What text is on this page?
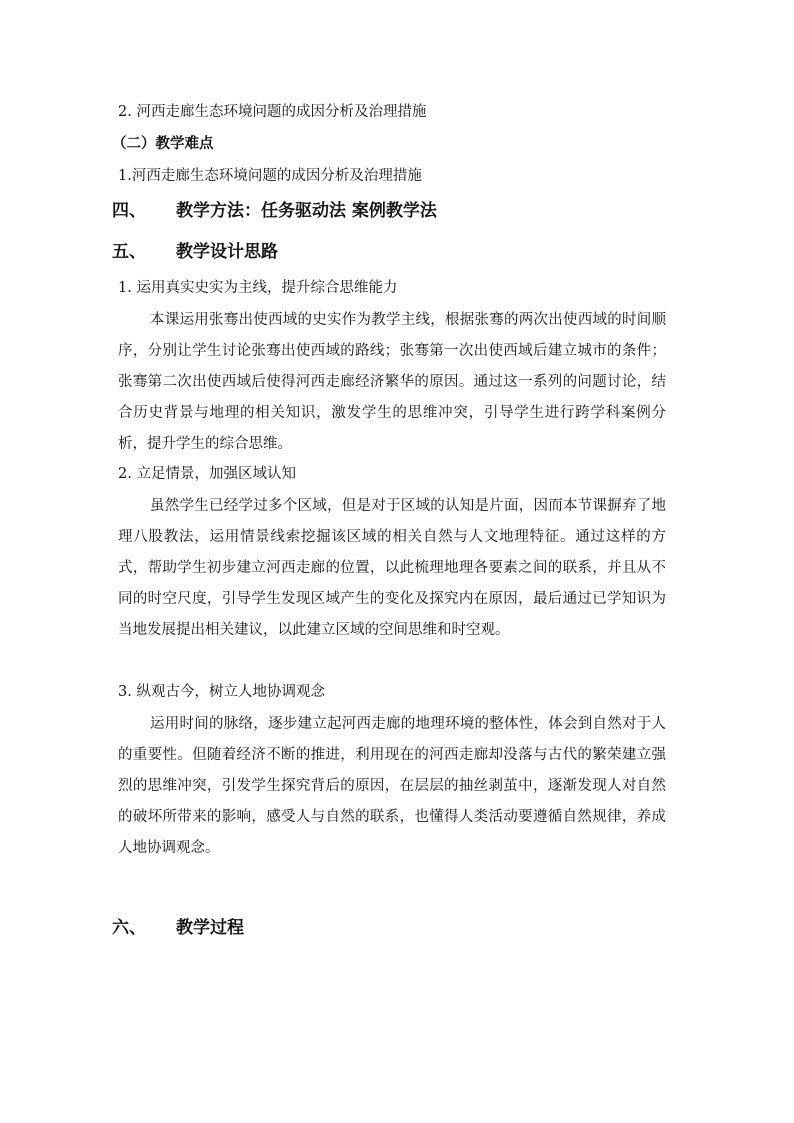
2. 河西走廊生态环境问题的成因分析及治理措施
（二）教学难点
1.河西走廊生态环境问题的成因分析及治理措施
四、 教学方法：任务驱动法 案例教学法
五、 教学设计思路
1. 运用真实史实为主线，提升综合思维能力
本课运用张骞出使西域的史实作为教学主线，根据张骞的两次出使西域的时间顺序，分别让学生讨论张骞出使西域的路线；张骞第一次出使西域后建立城市的条件；张骞第二次出使西域后使得河西走廊经济繁华的原因。通过这一系列的问题讨论，结合历史背景与地理的相关知识，激发学生的思维冲突，引导学生进行跨学科案例分析，提升学生的综合思维。
2. 立足情景，加强区域认知
虽然学生已经学过多个区域，但是对于区域的认知是片面，因而本节课摒弃了地理八股教法，运用情景线索挖掘该区域的相关自然与人文地理特征。通过这样的方式，帮助学生初步建立河西走廊的位置，以此梳理地理各要素之间的联系，并且从不同的时空尺度，引导学生发现区域产生的变化及探究内在原因，最后通过已学知识为当地发展提出相关建议，以此建立区域的空间思维和时空观。
3. 纵观古今，树立人地协调观念
运用时间的脉络，逐步建立起河西走廊的地理环境的整体性，体会到自然对于人的重要性。但随着经济不断的推进，利用现在的河西走廊却没落与古代的繁荣建立强烈的思维冲突，引发学生探究背后的原因，在层层的抽丝剥茧中，逐渐发现人对自然的破坏所带来的影响，感受人与自然的联系，也懂得人类活动要遵循自然规律，养成人地协调观念。
六、 教学过程
